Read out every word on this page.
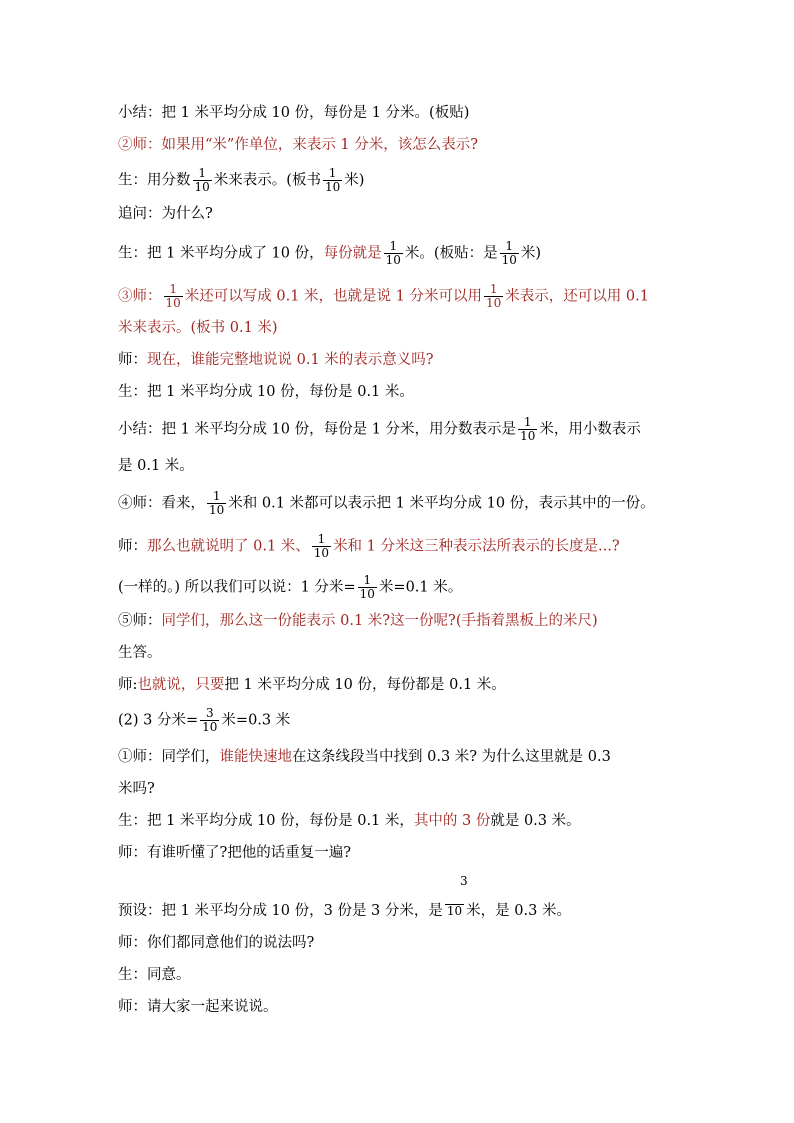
小结：把 1 米平均分成 10 份，每份是 1 分米。(板贴)
②师：如果用“米”作单位，来表示 1 分米，该怎么表示?
生：用分数 $\frac{1}{10}$ 米来表示。(板书 $\frac{1}{10}$ 米)
追问：为什么?
生：把 1 米平均分成了 10 份，每份就是 $\frac{1}{10}$ 米。(板贴：是 $\frac{1}{10}$ 米)
③师： $\frac{1}{10}$ 米还可以写成 0.1 米，也就是说 1 分米可以用 $\frac{1}{10}$ 米表示，还可以用 0.1
米来表示。(板书 0.1 米)
师：现在，谁能完整地说说 0.1 米的表示意义吗?
生：把 1 米平均分成 10 份，每份是 0.1 米。
小结：把 1 米平均分成 10 份，每份是 1 分米，用分数表示是 $\frac{1}{10}$ 米，用小数表示
是 0.1 米。
④师：看来， $\frac{1}{10}$ 米和 0.1 米都可以表示把 1 米平均分成 10 份，表示其中的一份。
师：那么也就说明了 0.1 米、 $\frac{1}{10}$ 米和 1 分米这三种表示法所表示的长度是...?
(一样的。) 所以我们可以说：1 分米= $\frac{1}{10}$ 米=0.1 米。
⑤师：同学们，那么这一份能表示 0.1 米?这一份呢?(手指着黑板上的米尺)
生答。
师:也就说，只要把 1 米平均分成 10 份，每份都是 0.1 米。
(2) 3 分米= $\frac{3}{10}$ 米=0.3 米
①师：同学们，谁能快速地在这条线段当中找到 0.3 米? 为什么这里就是 0.3
米吗?
生：把 1 米平均分成 10 份，每份是 0.1 米，其中的 3 份就是 0.3 米。
师：有谁听懂了?把他的话重复一遍?
3
预设：把 1 米平均分成 10 份，3 份是 3 分米，是 10 米，是 0.3 米。
师：你们都同意他们的说法吗?
生：同意。
师：请大家一起来说说。
